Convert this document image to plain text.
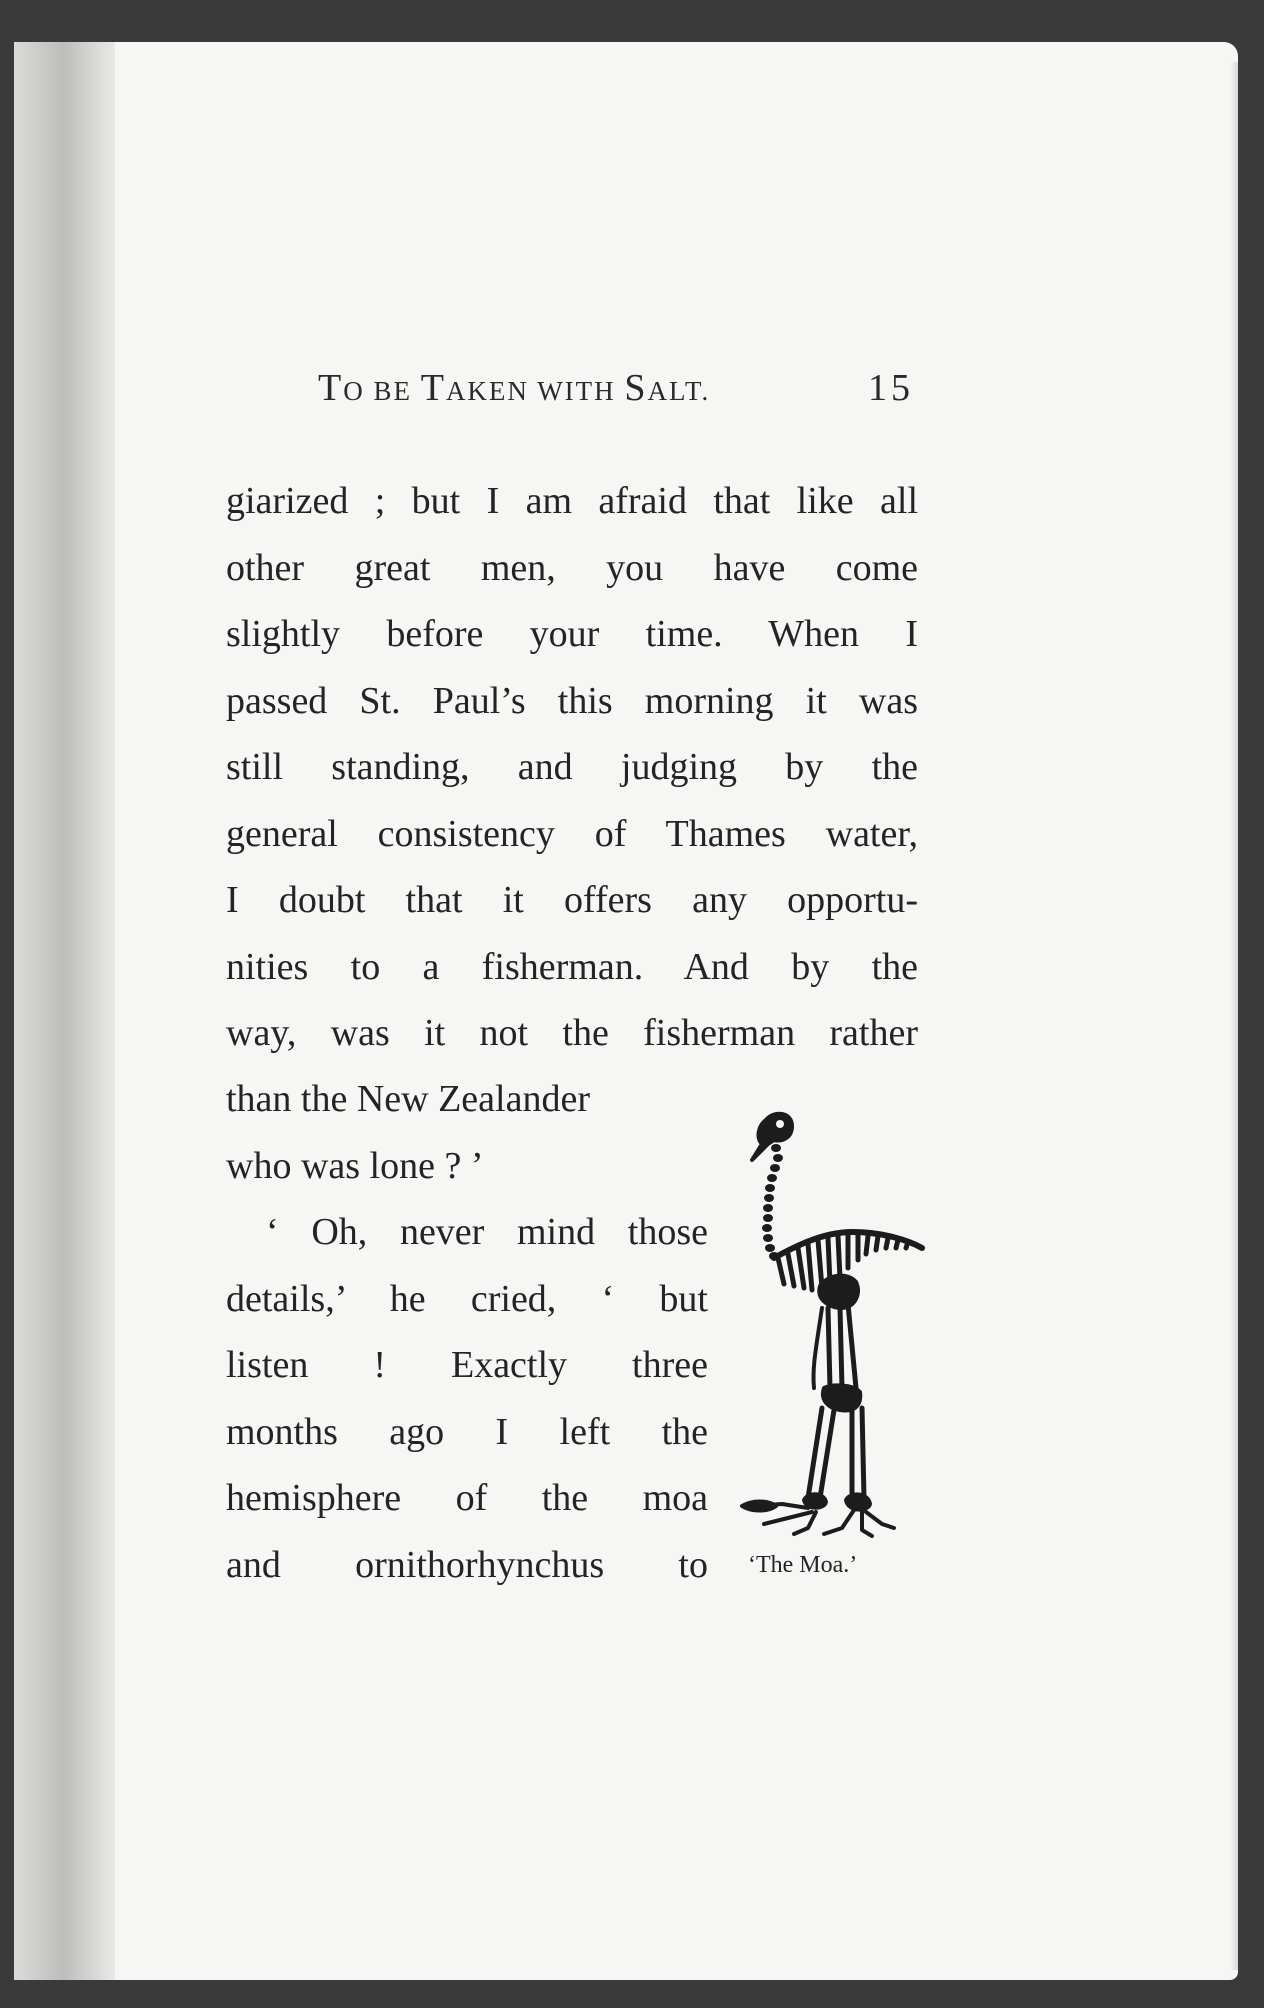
TO BE TAKEN WITH SALT.	15
giarized ; but I am afraid that like all
other great men, you have come
slightly before your time. When I
passed St. Paul’s this morning it was
still standing, and judging by the
general consistency of Thames water,
I doubt that it offers any opportu-
nities to a fisherman. And by the
way, was it not the fisherman rather
than the New Zealander
who was lone ? ’
‘ Oh, never mind those
details,’ he cried, ‘ but
listen ! Exactly three
months ago I left the
hemisphere of the moa
and ornithorhynchus to ‘The Moa.’
